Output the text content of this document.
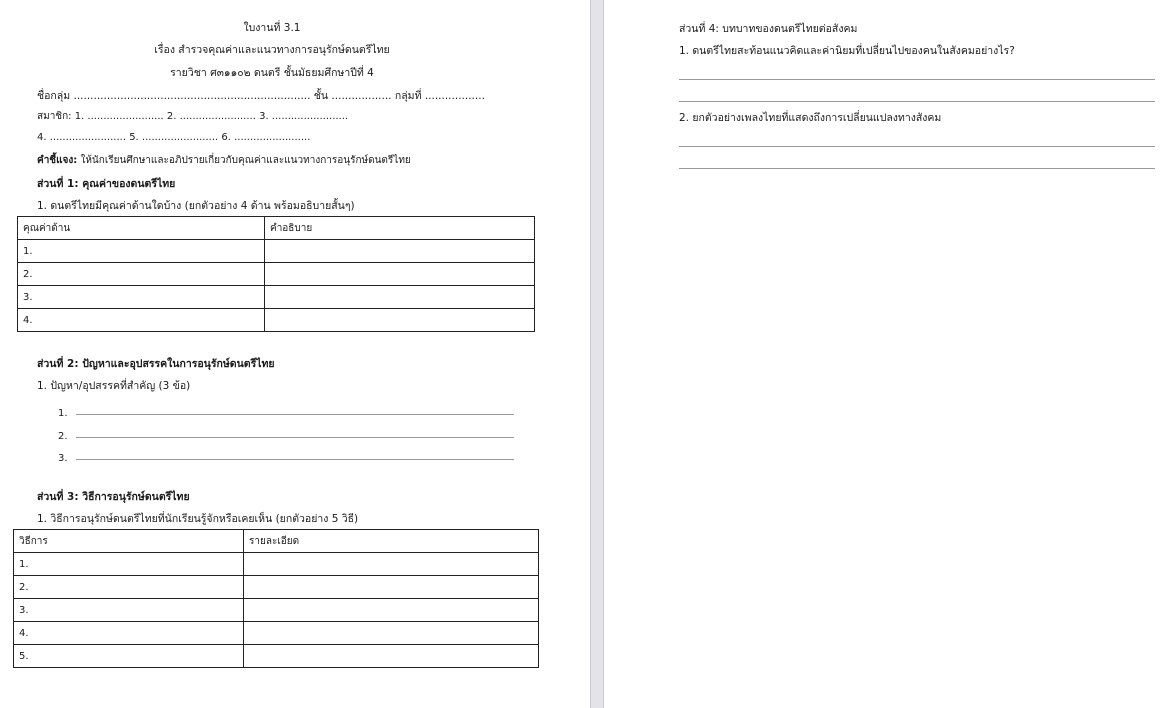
ใบงานที่ 3.1
เรื่อง สำรวจคุณค่าและแนวทางการอนุรักษ์ดนตรีไทย
รายวิชา ศ๓๑๑๐๒ ดนตรี ชั้นมัธยมศึกษาปีที่ 4
ชื่อกลุ่ม ....................................................................... ชั้น .................. กลุ่มที่ ..................
สมาชิก: 1. ........................ 2. ........................ 3. ........................
4. ........................ 5. ........................ 6. ........................
คำชี้แจง: ให้นักเรียนศึกษาและอภิปรายเกี่ยวกับคุณค่าและแนวทางการอนุรักษ์ดนตรีไทย
ส่วนที่ 1: คุณค่าของดนตรีไทย
1. ดนตรีไทยมีคุณค่าด้านใดบ้าง (ยกตัวอย่าง 4 ด้าน พร้อมอธิบายสั้นๆ)
คุณค่าด้าน	คำอธิบาย
1.	
2.	
3.	
4.	
ส่วนที่ 2: ปัญหาและอุปสรรคในการอนุรักษ์ดนตรีไทย
1. ปัญหา/อุปสรรคที่สำคัญ (3 ข้อ)
1.
2.
3.
ส่วนที่ 3: วิธีการอนุรักษ์ดนตรีไทย
1. วิธีการอนุรักษ์ดนตรีไทยที่นักเรียนรู้จักหรือเคยเห็น (ยกตัวอย่าง 5 วิธี)
วิธีการ	รายละเอียด
1.	
2.	
3.	
4.	
5.	
ส่วนที่ 4: บทบาทของดนตรีไทยต่อสังคม
1. ดนตรีไทยสะท้อนแนวคิดและค่านิยมที่เปลี่ยนไปของคนในสังคมอย่างไร?
2. ยกตัวอย่างเพลงไทยที่แสดงถึงการเปลี่ยนแปลงทางสังคม
